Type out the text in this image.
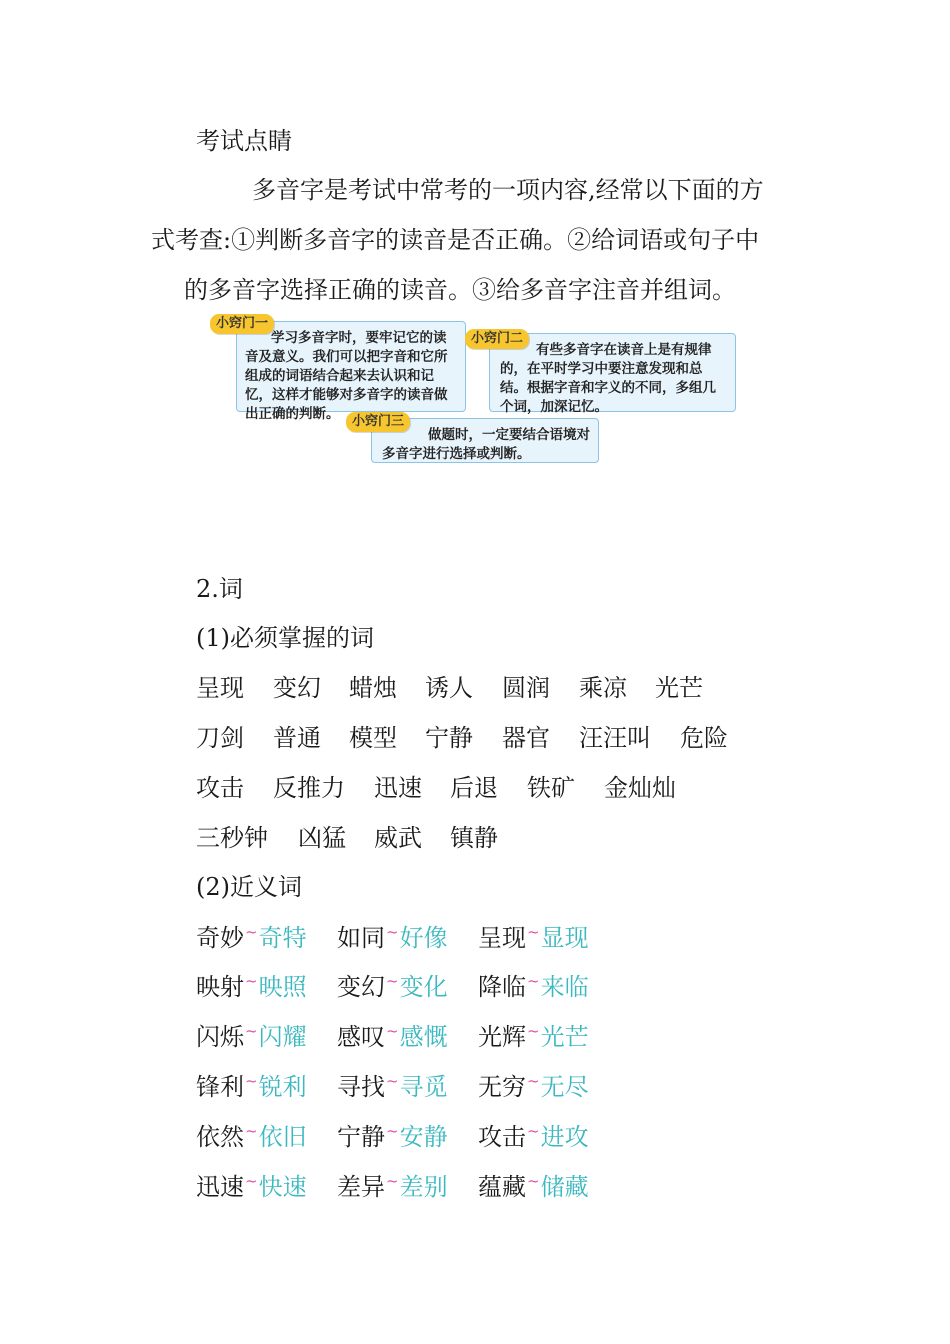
考试点睛
多音字是考试中常考的一项内容,经常以下面的方
式考查:①判断多音字的读音是否正确。②给词语或句子中
的多音字选择正确的读音。③给多音字注音并组词。
学习多音字时，要牢记它的读音及意义。我们可以把字音和它所组成的词语结合起来去认识和记忆，这样才能够对多音字的读音做出正确的判断。
小窍门一
有些多音字在读音上是有规律的，在平时学习中要注意发现和总结。根据字音和字义的不同，多组几个词，加深记忆。
小窍门二
做题时，一定要结合语境对多音字进行选择或判断。
小窍门三
2.词
(1)必须掌握的词
呈现 变幻 蜡烛 诱人 圆润 乘凉 光芒
刀剑 普通 模型 宁静 器官 汪汪叫 危险
攻击 反推力 迅速 后退 铁矿 金灿灿
三秒钟 凶猛 威武 镇静
(2)近义词
奇妙~奇特 如同~好像 呈现~显现
映射~映照 变幻~变化 降临~来临
闪烁~闪耀 感叹~感慨 光辉~光芒
锋利~锐利 寻找~寻觅 无穷~无尽
依然~依旧 宁静~安静 攻击~进攻
迅速~快速 差异~差别 蕴藏~储藏
